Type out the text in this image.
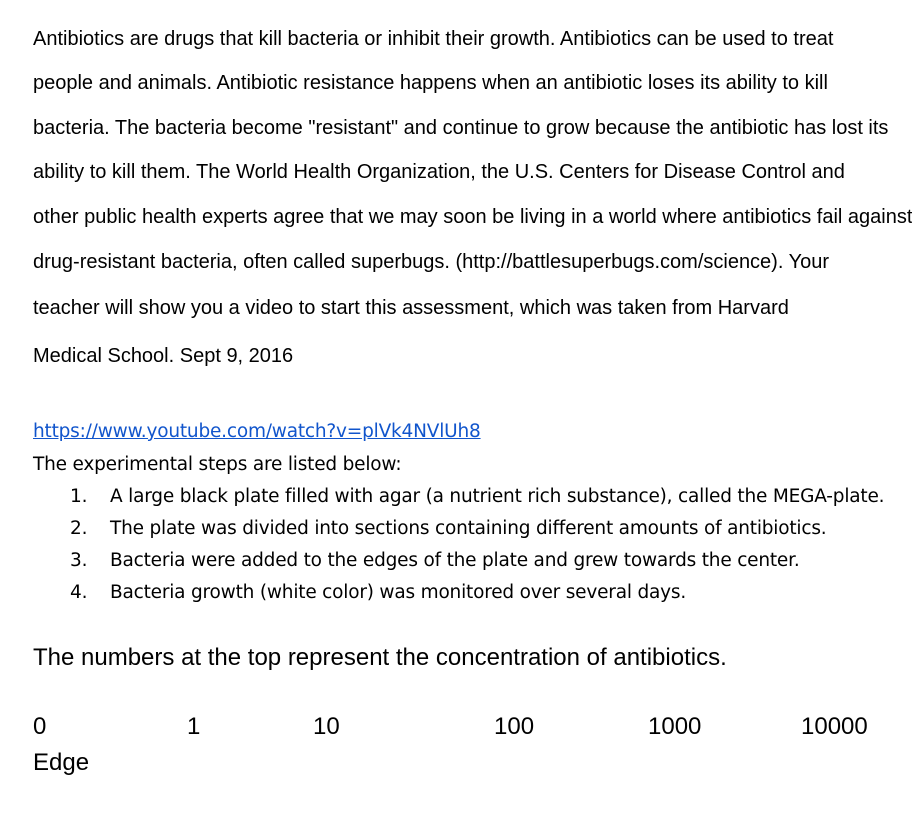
Antibiotics are drugs that kill bacteria or inhibit their growth. Antibiotics can be used to treat
people and animals. Antibiotic resistance happens when an antibiotic loses its ability to kill
bacteria. The bacteria become "resistant" and continue to grow because the antibiotic has lost its
ability to kill them. The World Health Organization, the U.S. Centers for Disease Control and
other public health experts agree that we may soon be living in a world where antibiotics fail against
drug-resistant bacteria, often called superbugs. (http://battlesuperbugs.com/science). Your
teacher will show you a video to start this assessment, which was taken from Harvard
Medical School. Sept 9, 2016
https://www.youtube.com/watch?v=plVk4NVlUh8
The experimental steps are listed below:
1. A large black plate filled with agar (a nutrient rich substance), called the MEGA-plate.
2. The plate was divided into sections containing different amounts of antibiotics.
3. Bacteria were added to the edges of the plate and grew towards the center.
4. Bacteria growth (white color) was monitored over several days.
The numbers at the top represent the concentration of antibiotics.
0	1	10	100	1000	10000
Edge
